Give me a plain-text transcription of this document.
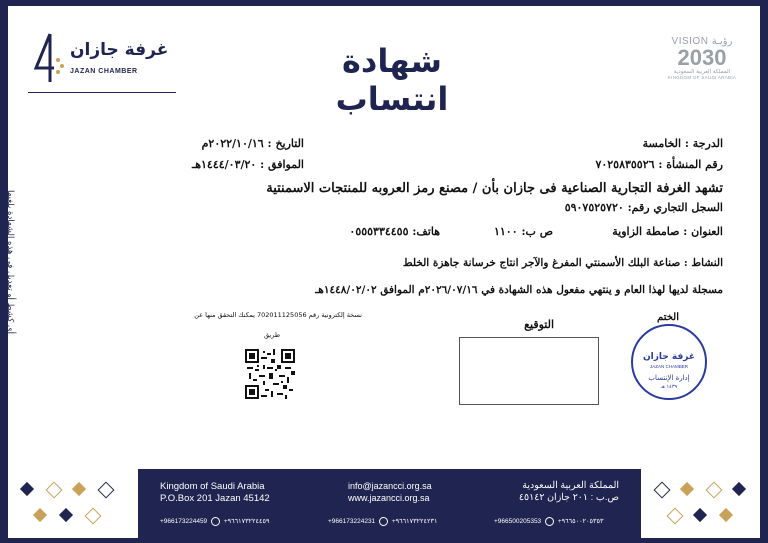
غرفة جازان
JAZAN CHAMBER	شهادة انتساب
VISION رؤيـة
2030
المملكة العربية السعودية
KINGDOM OF SAUDI ARABIA
الدرجة : الخامسة
رقم المنشأة : ٧٠٢٥٨٣٥٥٢٦
التاريخ : ٢٠٢٢/١٠/١٦م
الموافق : ١٤٤٤/٠٣/٢٠هـ
تشهد الغرفة التجارية الصناعية فى جازان بأن / مصنع رمز العروبه للمنتجات الاسمنتية
السجل التجاري رقم: ٥٩٠٧٥٢٥٧٢٠
العنوان : صامطة الزاوية
ص ب: ١١٠٠
هاتف: ٠٥٥٥٣٣٤٤٥٥
النشاط : صناعة البلك الأسمنتي المفرغ والآجر انتاج خرسانة جاهزة الخلط
مسجلة لديها لهذا العام و ينتهي مفعول هذه الشهادة في ٢٠٢٦/٠٧/١٦م الموافق ١٤٤٨/٠٢/٠٢هـ
أي كشط أو تعديل في هذه الشهادة يلغيها	الختم
التوقيع
غرفة جازان
JAZAN CHAMBER
إدارة الإنتساب
١٤٣٩ هـ
نسخة إلكترونية رقم 702011125056 يمكنك التحقق منها عن
طريق
Kingdom of Saudi Arabia
P.O.Box 201 Jazan 45142
info@jazancci.org.sa
www.jazancci.org.sa
المملكة العربية السعودية
ص.ب : ٢٠١ جازان ٤٥١٤٢
+966173224459	+٩٦٦١٧٣٢٢٤٤٥٩	+966173224231	+٩٦٦١٧٣٢٢٤٢٣١	+966500205353	+٩٦٦٥٠٠٢٠٥٣٥٣
